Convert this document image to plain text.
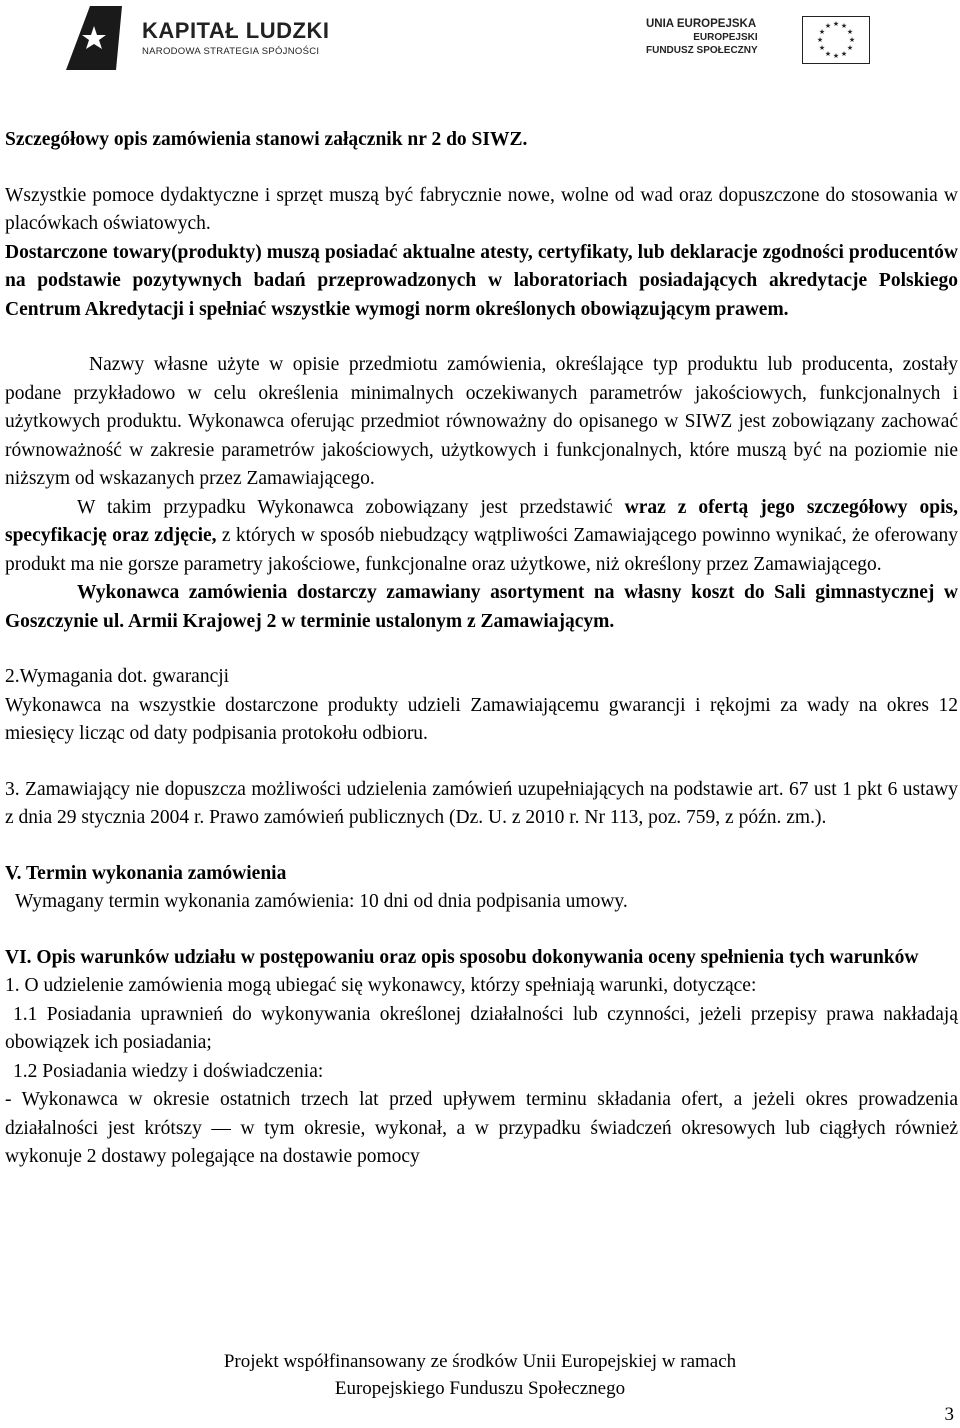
KAPITAŁ LUDZKI
NARODOWA STRATEGIA SPÓJNOŚCI
UNIA EUROPEJSKA
EUROPEJSKI
FUNDUSZ SPOŁECZNY
★ ★
★
★
★
★
★
★
★
★
★
★

Szczegółowy opis zamówienia stanowi załącznik nr 2 do SIWZ.

Wszystkie pomoce dydaktyczne i sprzęt muszą być fabrycznie nowe, wolne od wad oraz dopuszczone do stosowania w placówkach oświatowych.

Dostarczone towary(produkty) muszą posiadać aktualne atesty, certyfikaty, lub deklaracje zgodności producentów na podstawie pozytywnych badań przeprowadzonych w laboratoriach posiadających akredytacje Polskiego Centrum Akredytacji i spełniać wszystkie wymogi norm określonych obowiązującym prawem.

Nazwy własne użyte w opisie przedmiotu zamówienia, określające typ produktu lub producenta, zostały podane przykładowo w celu określenia minimalnych oczekiwanych parametrów jakościowych, funkcjonalnych i użytkowych produktu. Wykonawca oferując przedmiot równoważny do opisanego w SIWZ jest zobowiązany zachować równoważność w zakresie parametrów jakościowych, użytkowych i funkcjonalnych, które muszą być na poziomie nie niższym od wskazanych przez Zamawiającego.

W takim przypadku Wykonawca zobowiązany jest przedstawić wraz z ofertą jego szczegółowy opis, specyfikację oraz zdjęcie, z których w sposób niebudzący wątpliwości Zamawiającego powinno wynikać, że oferowany produkt ma nie gorsze parametry jakościowe, funkcjonalne oraz użytkowe, niż określony przez Zamawiającego.

Wykonawca zamówienia dostarczy zamawiany asortyment na własny koszt do Sali gimnastycznej w Goszczynie ul. Armii Krajowej 2 w terminie ustalonym z Zamawiającym.

2.Wymagania dot. gwarancji

Wykonawca na wszystkie dostarczone produkty udzieli Zamawiającemu gwarancji i rękojmi za wady na okres 12 miesięcy licząc od daty podpisania protokołu odbioru.

3. Zamawiający nie dopuszcza możliwości udzielenia zamówień uzupełniających na podstawie art. 67 ust 1 pkt 6 ustawy z dnia 29 stycznia 2004 r. Prawo zamówień publicznych (Dz. U. z 2010 r. Nr 113, poz. 759, z późn. zm.).

V. Termin wykonania zamówienia

Wymagany termin wykonania zamówienia: 10 dni od dnia podpisania umowy.

VI. Opis warunków udziału w postępowaniu oraz opis sposobu dokonywania oceny spełnienia tych warunków

1. O udzielenie zamówienia mogą ubiegać się wykonawcy, którzy spełniają warunki, dotyczące:

1.1 Posiadania uprawnień do wykonywania określonej działalności lub czynności, jeżeli przepisy prawa nakładają obowiązek ich posiadania;

1.2 Posiadania wiedzy i doświadczenia:

- Wykonawca w okresie ostatnich trzech lat przed upływem terminu składania ofert, a jeżeli okres prowadzenia działalności jest krótszy — w tym okresie, wykonał, a w przypadku świadczeń okresowych lub ciągłych również wykonuje 2 dostawy polegające na dostawie pomocy

Projekt współfinansowany ze środków Unii Europejskiej w ramach
Europejskiego Funduszu Społecznego
3
